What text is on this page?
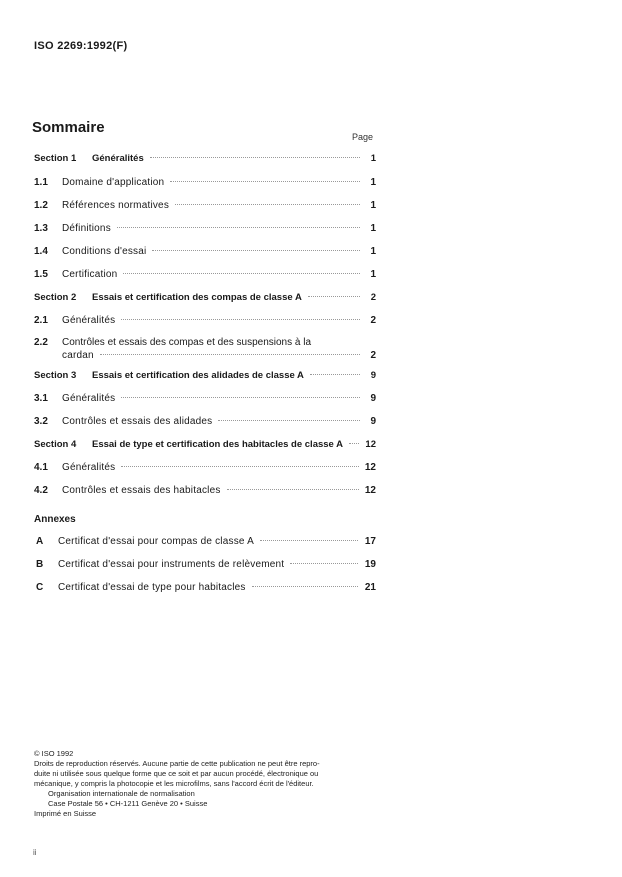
ISO 2269:1992(F)
Sommaire
Page
Section 1	Généralités	1
1.1	Domaine d'application	1
1.2	Références normatives	1
1.3	Définitions	1
1.4	Conditions d'essai	1
1.5	Certification	1
Section 2	Essais et certification des compas de classe A	2
2.1	Généralités	2
2.2	Contrôles et essais des compas et des suspensions à la
cardan	2
Section 3	Essais et certification des alidades de classe A	9
3.1	Généralités	9
3.2	Contrôles et essais des alidades	9
Section 4	Essai de type et certification des habitacles de classe A 12
4.1	Généralités	12
4.2	Contrôles et essais des habitacles	12
Annexes
A Certificat d'essai pour compas de classe A	17
B Certificat d'essai pour instruments de relèvement	19
C Certificat d'essai de type pour habitacles	21

© ISO 1992

Droits de reproduction réservés. Aucune partie de cette publication ne peut être repro-

duite ni utilisée sous quelque forme que ce soit et par aucun procédé, électronique ou

mécanique, y compris la photocopie et les microfilms, sans l'accord écrit de l'éditeur.

Organisation internationale de normalisation

Case Postale 56 • CH-1211 Genève 20 • Suisse

Imprimé en Suisse

ii
